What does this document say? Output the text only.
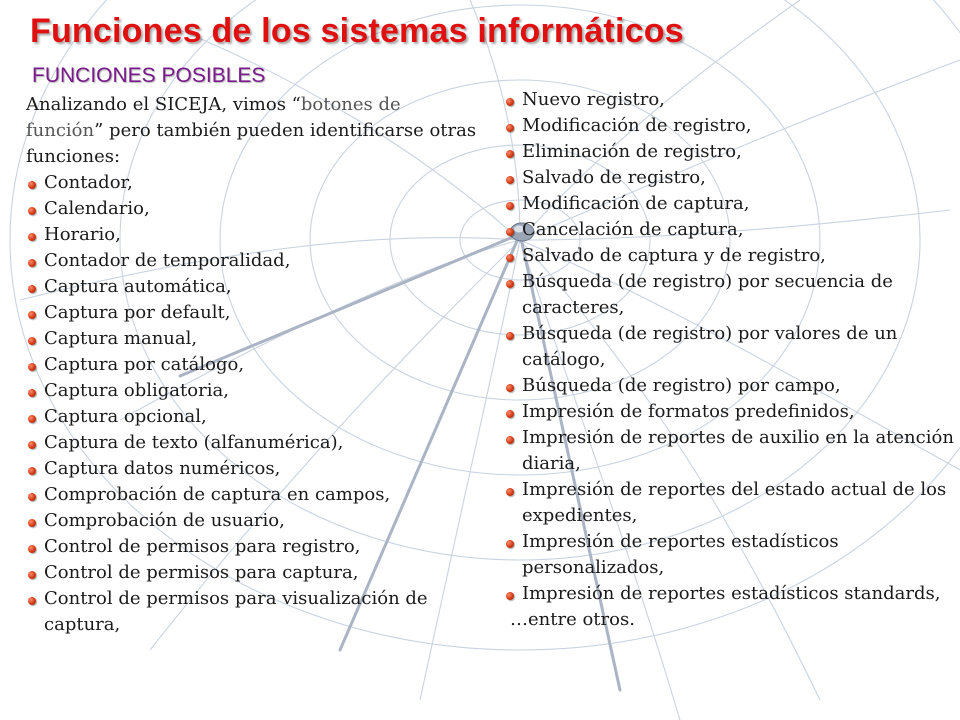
Funciones de los sistemas informáticos
FUNCIONES POSIBLES

Analizando el SICEJA, vimos “botones de función” pero también pueden identificarse otras funciones:

Contador,
Calendario,
Horario,
Contador de temporalidad,
Captura automática,
Captura por default,
Captura manual,
Captura por catálogo,
Captura obligatoria,
Captura opcional,
Captura de texto (alfanumérica),
Captura datos numéricos,
Comprobación de captura en campos,
Comprobación de usuario,
Control de permisos para registro,
Control de permisos para captura,
Control de permisos para visualización de captura,
Nuevo registro,
Modificación de registro,
Eliminación de registro,
Salvado de registro,
Modificación de captura,
Cancelación de captura,
Salvado de captura y de registro,
Búsqueda (de registro) por secuencia de caracteres,
Búsqueda (de registro) por valores de un catálogo,
Búsqueda (de registro) por campo,
Impresión de formatos predefinidos,
Impresión de reportes de auxilio en la atención diaria,
Impresión de reportes del estado actual de los expedientes,
Impresión de reportes estadísticos personalizados,
Impresión de reportes estadísticos standards,
…entre otros.
